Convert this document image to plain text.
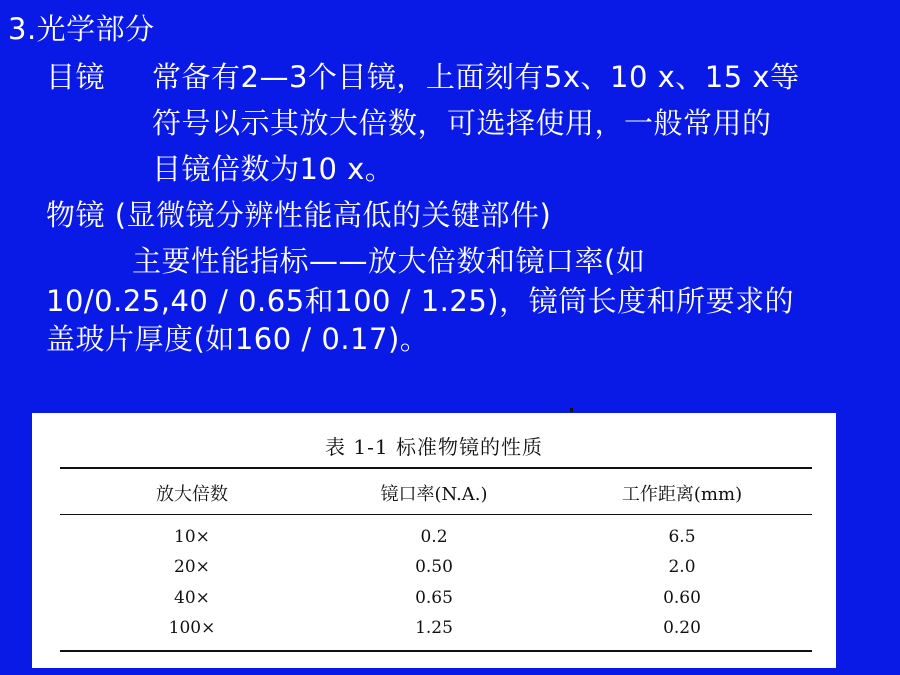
3.光学部分
目镜 常备有2—3个目镜，上面刻有5x、10 x、15 x等
符号以示其放大倍数，可选择使用，一般常用的
目镜倍数为10 x。
物镜 (显微镜分辨性能高低的关键部件)
主要性能指标——放大倍数和镜口率(如
10/0.25,40 / 0.65和100 / 1.25)，镜筒长度和所要求的
盖玻片厚度(如160 / 0.17)。
表 1-1 标准物镜的性质
放大倍数	镜口率(N.A.)	工作距离(mm)
10×	0.2	6.5
20×	0.50	2.0
40×	0.65	0.60
100×	1.25	0.20
